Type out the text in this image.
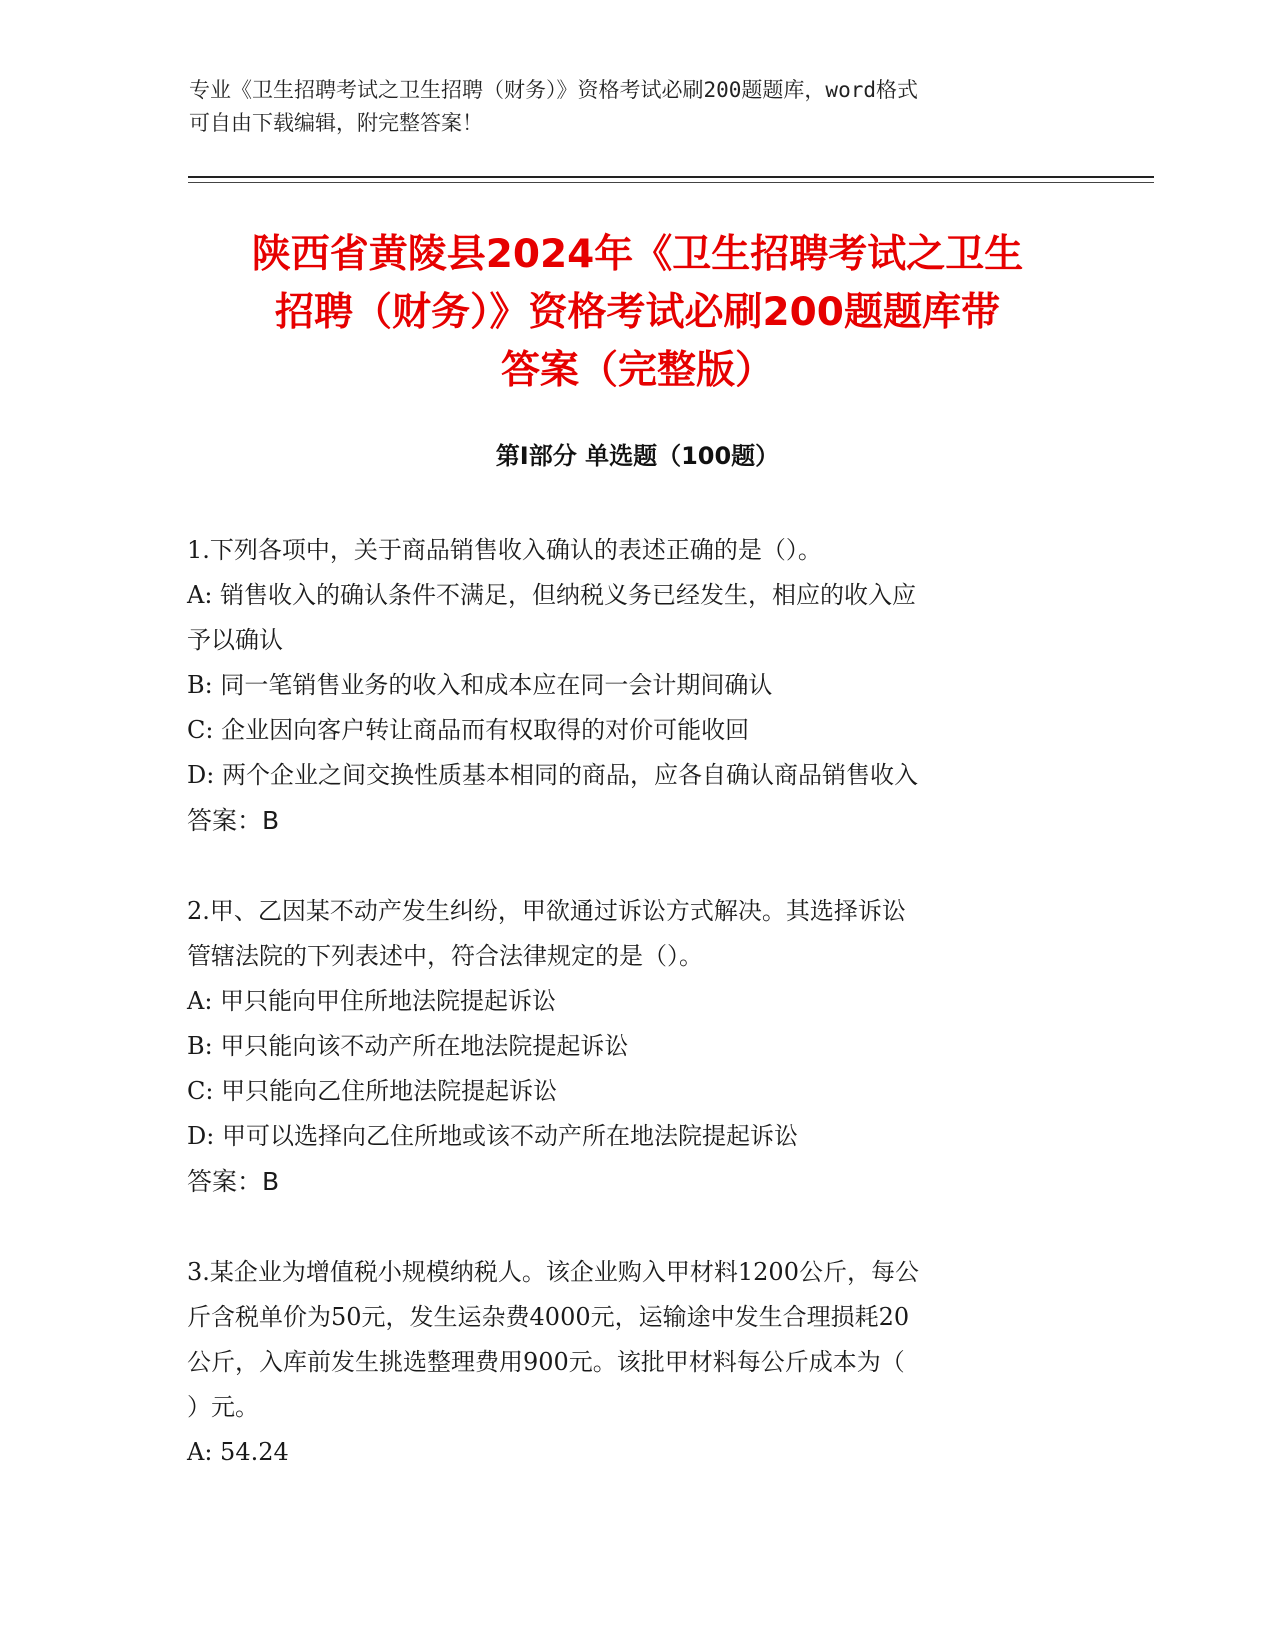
专业《卫生招聘考试之卫生招聘（财务）》资格考试必刷200题题库，word格式
可自由下载编辑，附完整答案！
陕西省黄陵县2024年《卫生招聘考试之卫生
招聘（财务）》资格考试必刷200题题库带
答案（完整版）
第Ⅰ部分 单选题（100题）
1.下列各项中，关于商品销售收入确认的表述正确的是（）。
A: 销售收入的确认条件不满足，但纳税义务已经发生，相应的收入应
予以确认
B: 同一笔销售业务的收入和成本应在同一会计期间确认
C: 企业因向客户转让商品而有权取得的对价可能收回
D: 两个企业之间交换性质基本相同的商品，应各自确认商品销售收入
答案：B
2.甲、乙因某不动产发生纠纷，甲欲通过诉讼方式解决。其选择诉讼
管辖法院的下列表述中，符合法律规定的是（）。
A: 甲只能向甲住所地法院提起诉讼
B: 甲只能向该不动产所在地法院提起诉讼
C: 甲只能向乙住所地法院提起诉讼
D: 甲可以选择向乙住所地或该不动产所在地法院提起诉讼
答案：B
3.某企业为增值税小规模纳税人。该企业购入甲材料1200公斤，每公
斤含税单价为50元，发生运杂费4000元，运输途中发生合理损耗20
公斤，入库前发生挑选整理费用900元。该批甲材料每公斤成本为（
）元。
A: 54.24
